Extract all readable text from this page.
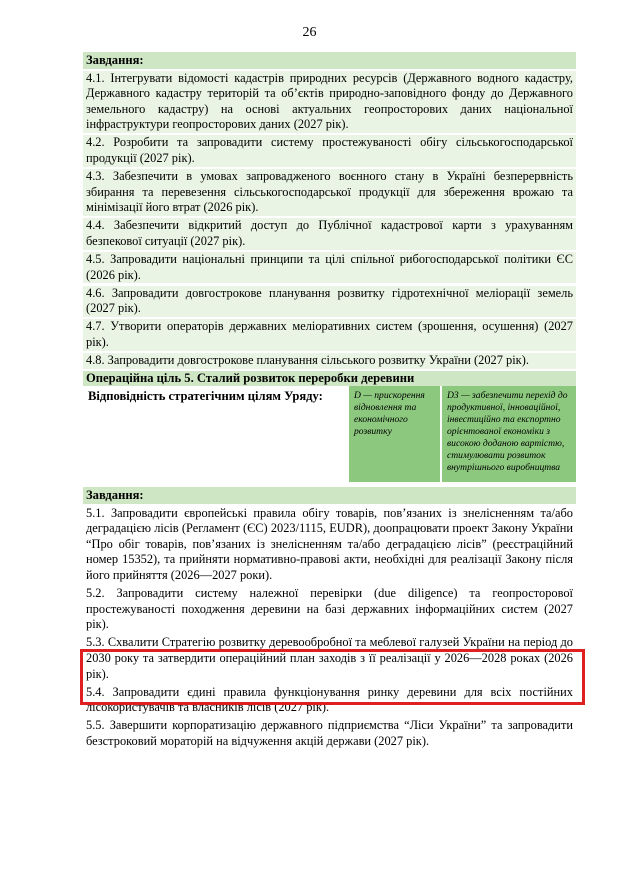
26
Завдання:
4.1. Інтегрувати відомості кадастрів природних ресурсів (Державного водного кадастру, Державного кадастру територій та об’єктів природно-заповідного фонду до Державного земельного кадастру) на основі актуальних геопросторових даних національної інфраструктури геопросторових даних (2027 рік).
4.2. Розробити та запровадити систему простежуваності обігу сільськогосподарської продукції (2027 рік).
4.3. Забезпечити в умовах запровадженого воєнного стану в Україні безперервність збирання та перевезення сільськогосподарської продукції для збереження врожаю та мінімізації його втрат (2026 рік).
4.4. Забезпечити відкритий доступ до Публічної кадастрової карти з урахуванням безпекової ситуації (2027 рік).
4.5. Запровадити національні принципи та цілі спільної рибогосподарської політики ЄС (2026 рік).
4.6. Запровадити довгострокове планування розвитку гідротехнічної меліорації земель (2027 рік).
4.7. Утворити операторів державних меліоративних систем (зрошення, осушення) (2027 рік).
4.8. Запровадити довгострокове планування сільського розвитку України (2027 рік).
Операційна ціль 5. Сталий розвиток переробки деревини
Відповідність стратегічним цілям Уряду:	D — прискорення відновлення та економічного розвитку
D3 — забезпечити перехід до продуктивної, інноваційної, інвестиційно та експортно орієнтованої економіки з високою доданою вартістю, стимулювати розвиток внутрішнього виробництва
Завдання:
5.1. Запровадити європейські правила обігу товарів, пов’язаних із знелісненням та/або деградацією лісів (Регламент (ЄС) 2023/1115, EUDR), доопрацювати проект Закону України “Про обіг товарів, пов’язаних із знелісненням та/або деградацією лісів” (реєстраційний номер 15352), та прийняти нормативно-правові акти, необхідні для реалізації Закону після його прийняття (2026—2027 роки).
5.2. Запровадити систему належної перевірки (due diligence) та геопросторової простежуваності походження деревини на базі державних інформаційних систем (2027 рік).
5.3. Схвалити Стратегію розвитку деревообробної та меблевої галузей України на період до 2030 року та затвердити операційний план заходів з її реалізації у 2026—2028 роках (2026 рік).
5.4. Запровадити єдині правила функціонування ринку деревини для всіх постійних лісокористувачів та власників лісів (2027 рік).
5.5. Завершити корпоратизацію державного підприємства “Ліси України” та запровадити безстроковий мораторій на відчуження акцій держави (2027 рік).
